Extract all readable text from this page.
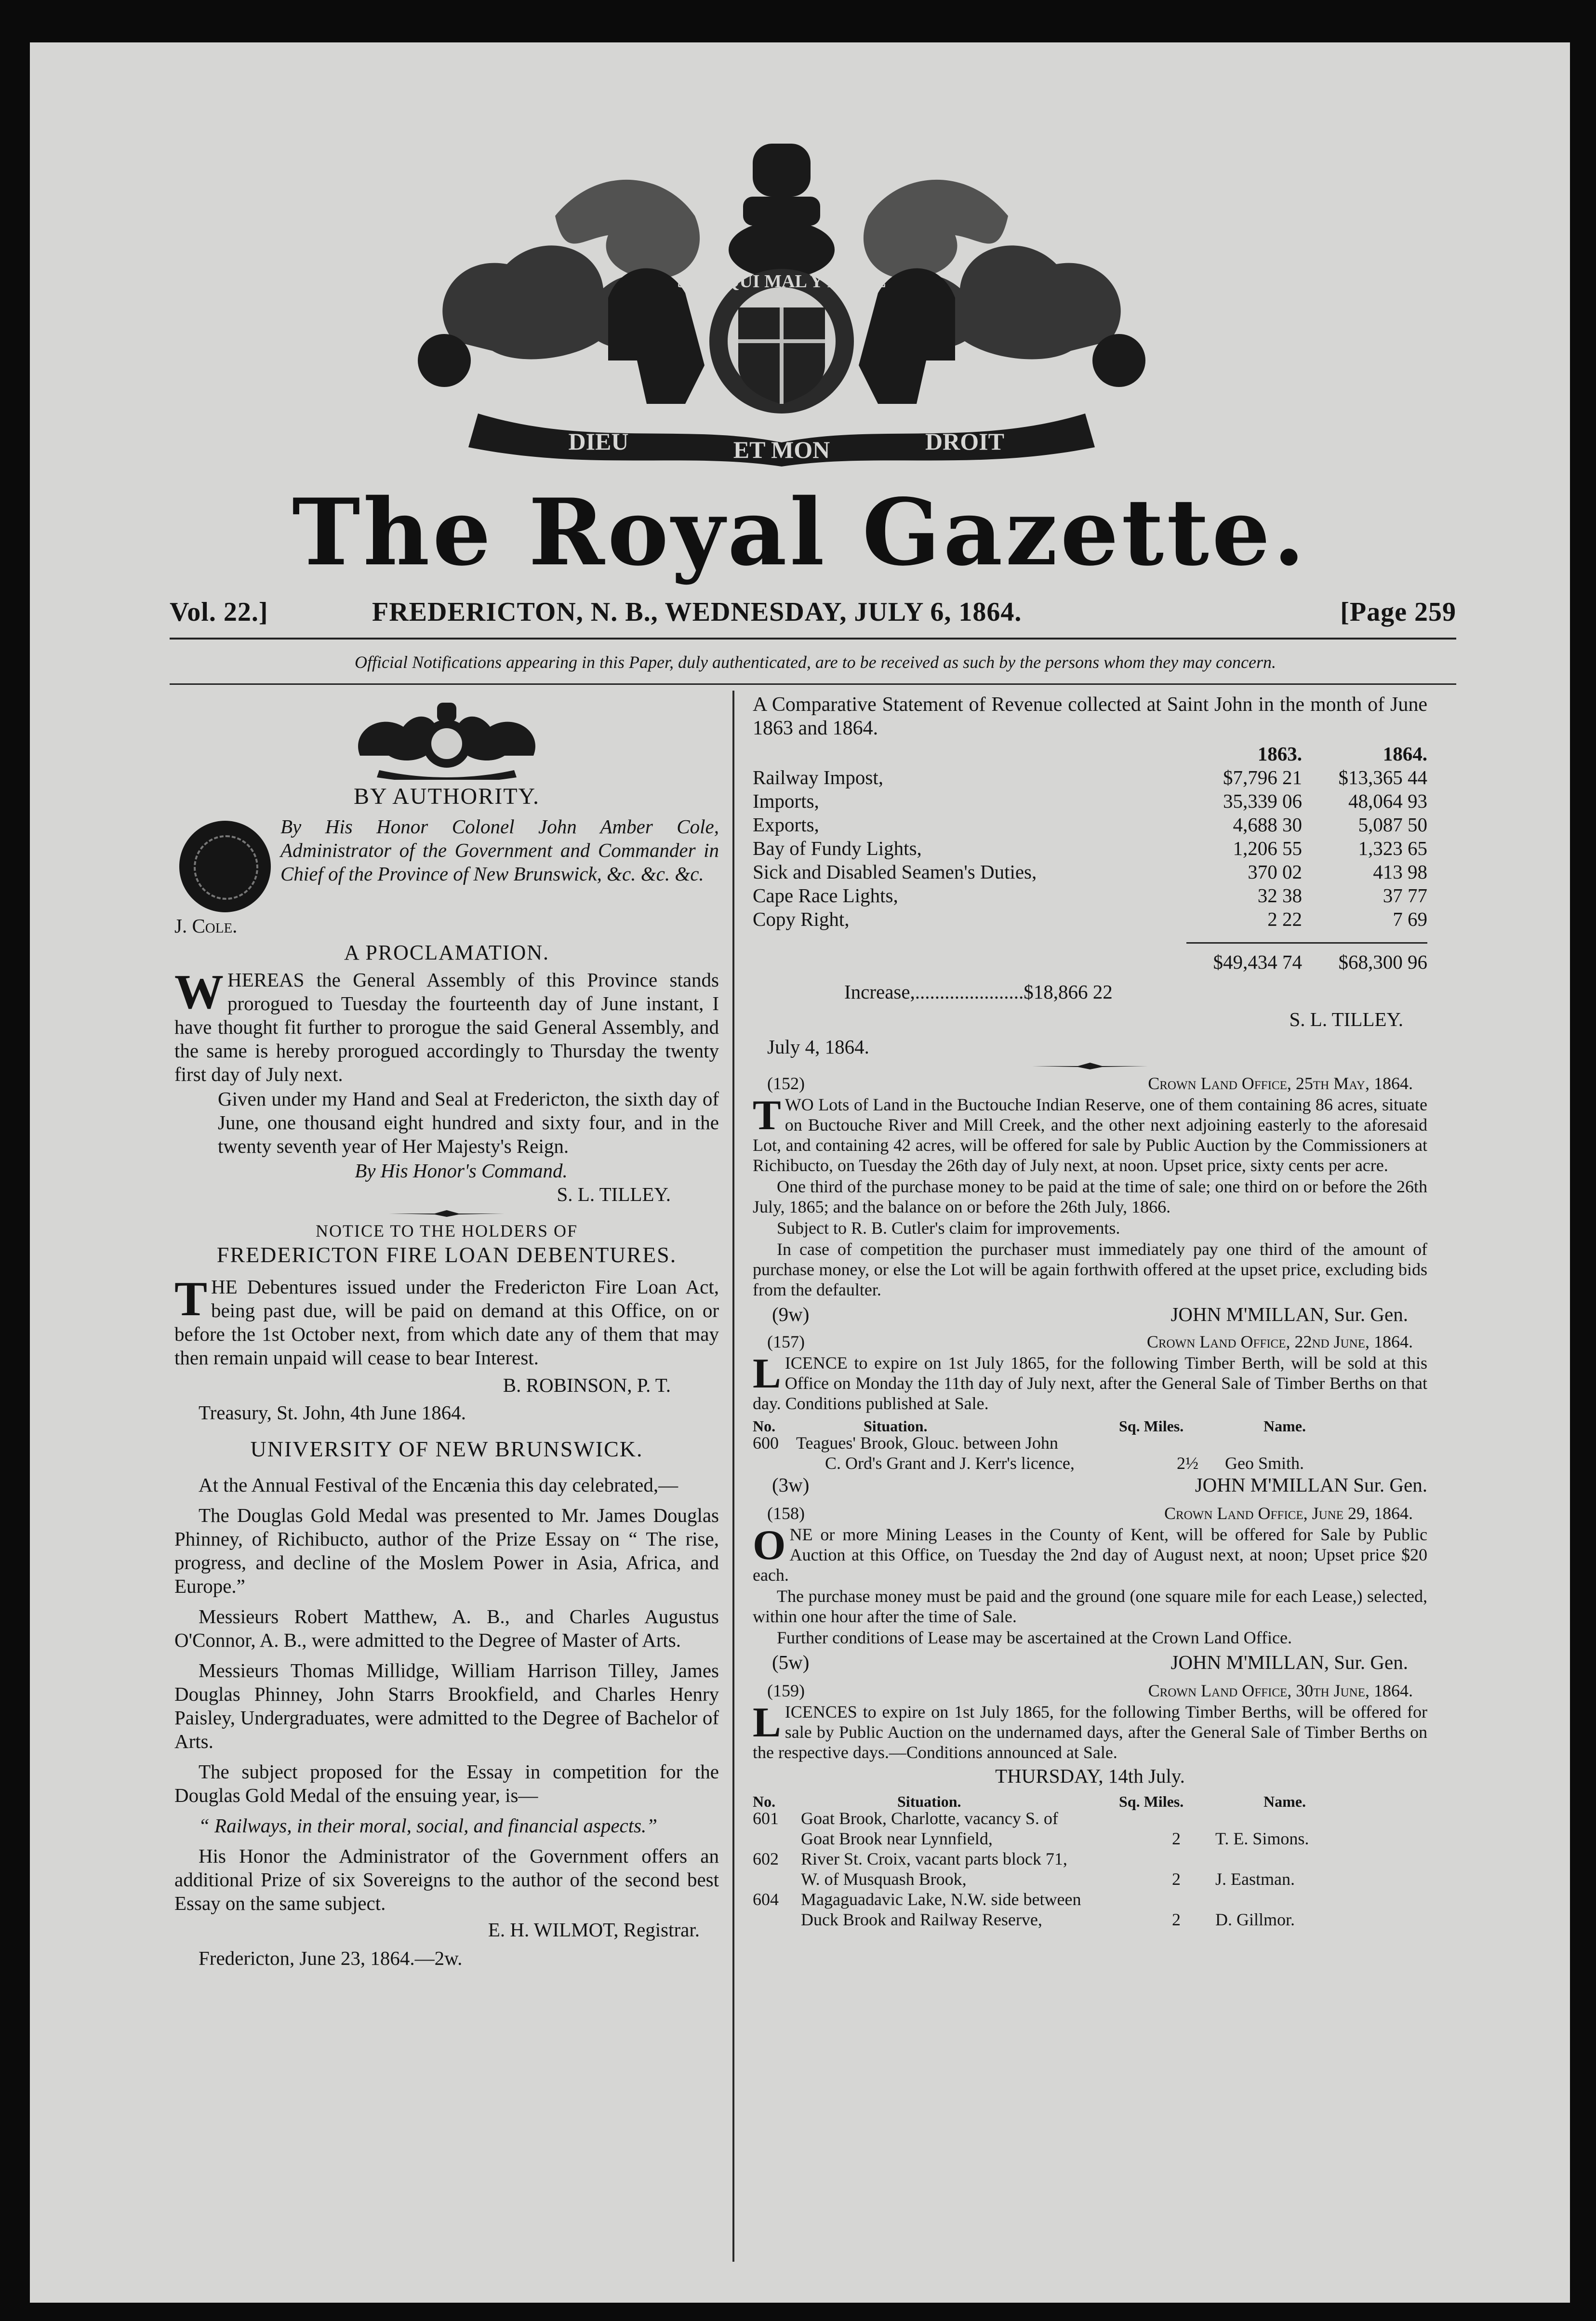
SOIT QUI MAL Y PENSE
DIEU	ET MON	DROIT
The Royal Gazette.
Vol. 22.]	FREDERICTON, N. B., WEDNESDAY, JULY 6, 1864.	[Page 259
Official Notifications appearing in this Paper, duly authenticated, are to be received as such by the persons whom they may concern.
BY AUTHORITY.
By His Honor Colonel John Amber Cole, Administrator of the Government and Commander in Chief of the Province of New Brunswick, &c. &c. &c.
J. Cole.
A PROCLAMATION.
WHEREAS the General Assembly of this Province stands prorogued to Tuesday the fourteenth day of June instant, I have thought fit further to prorogue the said General Assembly, and the same is hereby prorogued accordingly to Thursday the twenty first day of July next.
Given under my Hand and Seal at Fredericton, the sixth day of June, one thousand eight hundred and sixty four, and in the twenty seventh year of Her Majesty's Reign.
By His Honor's Command.
S. L. TILLEY.
NOTICE TO THE HOLDERS OF
FREDERICTON FIRE LOAN DEBENTURES.
THE Debentures issued under the Fredericton Fire Loan Act, being past due, will be paid on demand at this Office, on or before the 1st October next, from which date any of them that may then remain unpaid will cease to bear Interest.
B. ROBINSON, P. T.
Treasury, St. John, 4th June 1864.
UNIVERSITY OF NEW BRUNSWICK.
At the Annual Festival of the Encænia this day celebrated,—
The Douglas Gold Medal was presented to Mr. James Douglas Phinney, of Richibucto, author of the Prize Essay on “ The rise, progress, and decline of the Moslem Power in Asia, Africa, and Europe.”
Messieurs Robert Matthew, A. B., and Charles Augustus O'Connor, A. B., were admitted to the Degree of Master of Arts.
Messieurs Thomas Millidge, William Harrison Tilley, James Douglas Phinney, John Starrs Brookfield, and Charles Henry Paisley, Undergraduates, were admitted to the Degree of Bachelor of Arts.
The subject proposed for the Essay in competition for the Douglas Gold Medal of the ensuing year, is—
“ Railways, in their moral, social, and financial aspects.”
His Honor the Administrator of the Government offers an additional Prize of six Sovereigns to the author of the second best Essay on the same subject.
E. H. WILMOT, Registrar.
Fredericton, June 23, 1864.—2w.
A Comparative Statement of Revenue collected at Saint John in the month of June 1863 and 1864.
	1863.	1864.
Railway Impost,	$7,796 21	$13,365 44
Imports,	35,339 06	48,064 93
Exports,	4,688 30	5,087 50
Bay of Fundy Lights,	1,206 55	1,323 65
Sick and Disabled Seamen's Duties,	370 02	413 98
Cape Race Lights,	32 38	37 77
Copy Right,	2 22	7 69

	$49,434 74	$68,300 96
Increase,......................$18,866 22
S. L. TILLEY.
July 4, 1864.
(152)	Crown Land Office, 25th May, 1864.
TWO Lots of Land in the Buctouche Indian Reserve, one of them containing 86 acres, situate on Buctouche River and Mill Creek, and the other next adjoining easterly to the aforesaid Lot, and containing 42 acres, will be offered for sale by Public Auction by the Commissioners at Richibucto, on Tuesday the 26th day of July next, at noon. Upset price, sixty cents per acre.
One third of the purchase money to be paid at the time of sale; one third on or before the 26th July, 1865; and the balance on or before the 26th July, 1866.
Subject to R. B. Cutler's claim for improvements.
In case of competition the purchaser must immediately pay one third of the amount of purchase money, or else the Lot will be again forthwith offered at the upset price, excluding bids from the defaulter.
(9w)	JOHN M'MILLAN, Sur. Gen.
(157)	Crown Land Office, 22nd June, 1864.
LICENCE to expire on 1st July 1865, for the following Timber Berth, will be sold at this Office on Monday the 11th day of July next, after the General Sale of Timber Berths on that day. Conditions published at Sale.
No.	Situation.	Sq. Miles.	Name.
600 Teagues' Brook, Glouc. between John
C. Ord's Grant and J. Kerr's licence,	2½ Geo Smith.
(3w)	JOHN M'MILLAN Sur. Gen.
(158)	Crown Land Office, June 29, 1864.
ONE or more Mining Leases in the County of Kent, will be offered for Sale by Public Auction at this Office, on Tuesday the 2nd day of August next, at noon; Upset price $20 each.
The purchase money must be paid and the ground (one square mile for each Lease,) selected, within one hour after the time of Sale.
Further conditions of Lease may be ascertained at the Crown Land Office.
(5w)	JOHN M'MILLAN, Sur. Gen.
(159)	Crown Land Office, 30th June, 1864.
LICENCES to expire on 1st July 1865, for the following Timber Berths, will be offered for sale by Public Auction on the undernamed days, after the General Sale of Timber Berths on the respective days.—Conditions announced at Sale.
THURSDAY, 14th July.
No.	Situation.	Sq. Miles.	Name.
601 Goat Brook, Charlotte, vacancy S. of
Goat Brook near Lynnfield,	2 T. E. Simons.
602 River St. Croix, vacant parts block 71,
W. of Musquash Brook,	2 J. Eastman.
604 Magaguadavic Lake, N.W. side between
Duck Brook and Railway Reserve,	2 D. Gillmor.
